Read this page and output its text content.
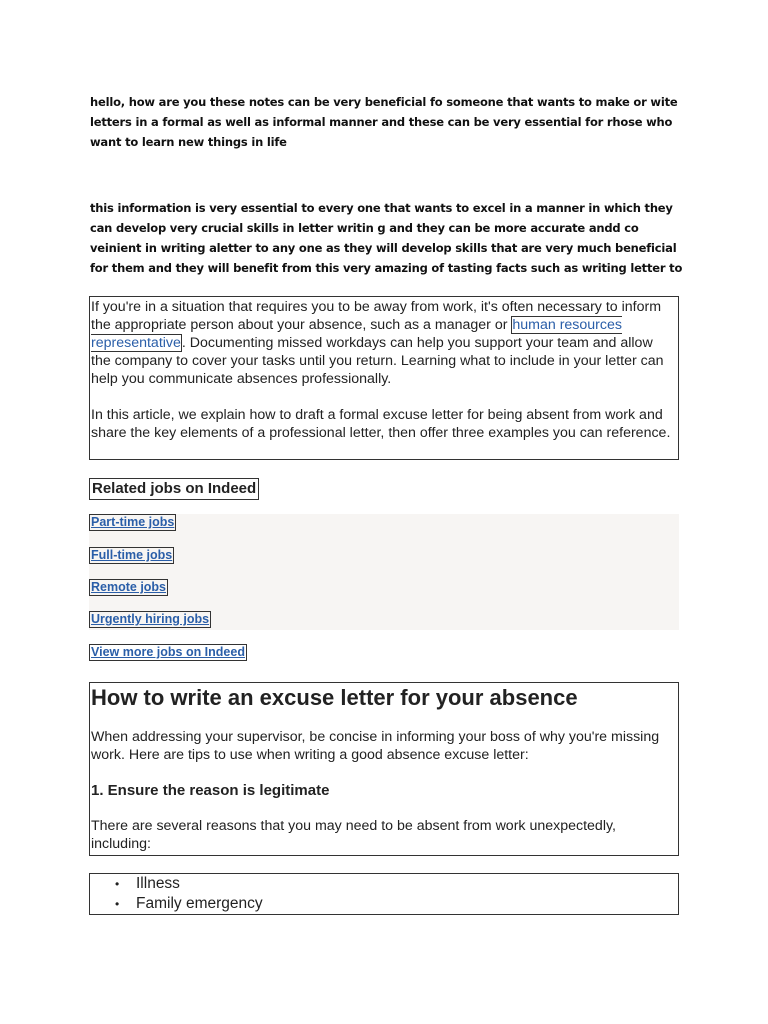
hello, how are you these notes can be very beneficial fo someone that wants to make or wite letters in a formal as well as informal manner and these can be very essential for rhose who want to learn new things in life
this information is very essential to every one that wants to excel in a manner in which they can develop very crucial skills in letter writin g and they can be more accurate andd co veinient in writing aletter to any one as they will develop skills that are very much beneficial for them and they will benefit from this very amazing of tasting facts such as writing letter to

If you're in a situation that requires you to be away from work, it's often necessary to inform the appropriate person about your absence, such as a manager or human resources representative. Documenting missed workdays can help you support your team and allow the company to cover your tasks until you return. Learning what to include in your letter can help you communicate absences professionally.

In this article, we explain how to draft a formal excuse letter for being absent from work and share the key elements of a professional letter, then offer three examples you can reference.

Related jobs on Indeed
Part-time jobs
Full-time jobs
Remote jobs
Urgently hiring jobs
View more jobs on Indeed
How to write an excuse letter for your absence

When addressing your supervisor, be concise in informing your boss of why you're missing work. Here are tips to use when writing a good absence excuse letter:

1. Ensure the reason is legitimate

There are several reasons that you may need to be absent from work unexpectedly, including:

• Illness
• Family emergency
